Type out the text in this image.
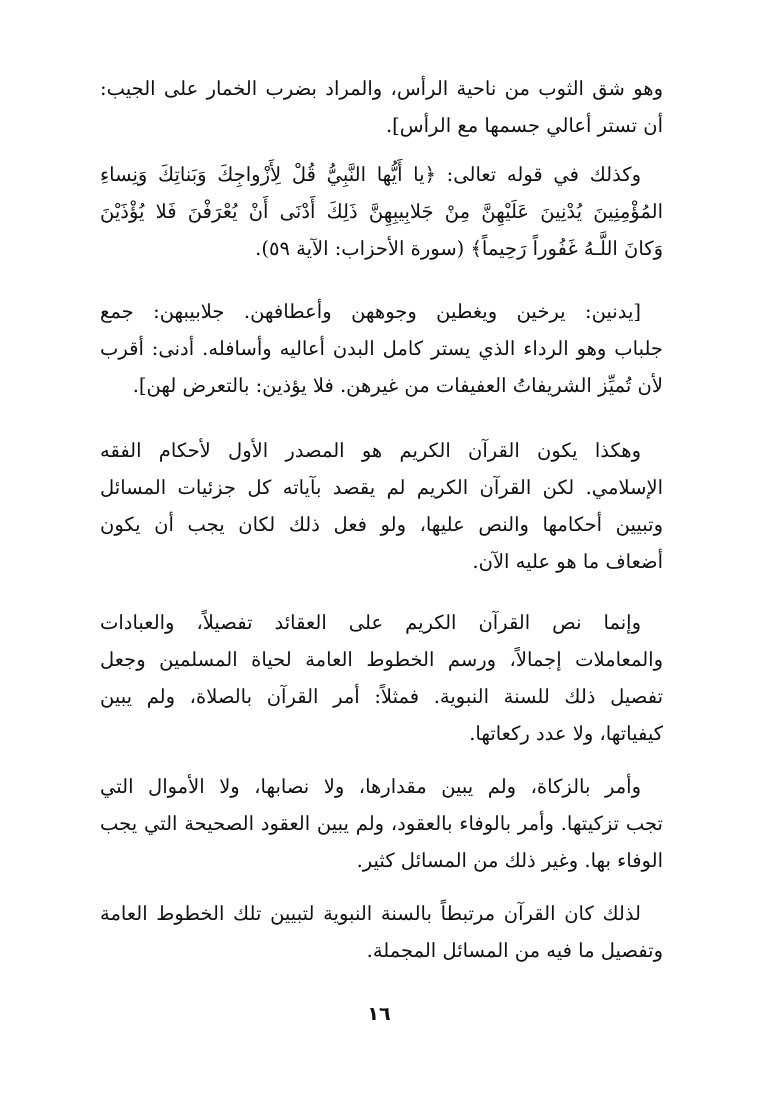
وهو شق الثوب من ناحية الرأس، والمراد بضرب الخمار على الجيب:
أن تستر أعالي جسمها مع الرأس].

وكذلك في قوله تعالى: ﴿يا أَيُّها النَّبِيُّ قُلْ لِأَزْواجِكَ وَبَناتِكَ وَنِساءِ
المُؤْمِنِينَ يُدْنِينَ عَلَيْهِنَّ مِنْ جَلابِيبِهِنَّ ذَلِكَ أَدْنَى أَنْ يُعْرَفْنَ فَلا يُؤْذَيْنَ
وَكانَ اللَّـهُ غَفُوراً رَحِيماً﴾ (سورة الأحزاب: الآية ٥٩).

[يدنين: يرخين ويغطين وجوههن وأعطافهن. جلابيبهن: جمع
جلباب وهو الرداء الذي يستر كامل البدن أعاليه وأسافله. أدنى: أقرب
لأن تُميِّز الشريفاتُ العفيفات من غيرهن. فلا يؤذين: بالتعرض لهن].

وهكذا يكون القرآن الكريم هو المصدر الأول لأحكام الفقه
الإسلامي. لكن القرآن الكريم لم يقصد بآياته كل جزئيات المسائل
وتبيين أحكامها والنص عليها، ولو فعل ذلك لكان يجب أن يكون
أضعاف ما هو عليه الآن.

وإنما نص القرآن الكريم على العقائد تفصيلاً، والعبادات
والمعاملات إجمالاً، ورسم الخطوط العامة لحياة المسلمين وجعل
تفصيل ذلك للسنة النبوية. فمثلاً: أمر القرآن بالصلاة، ولم يبين
كيفياتها، ولا عدد ركعاتها.

وأمر بالزكاة، ولم يبين مقدارها، ولا نصابها، ولا الأموال التي
تجب تزكيتها. وأمر بالوفاء بالعقود، ولم يبين العقود الصحيحة التي يجب
الوفاء بها. وغير ذلك من المسائل كثير.

لذلك كان القرآن مرتبطاً بالسنة النبوية لتبيين تلك الخطوط العامة
وتفصيل ما فيه من المسائل المجملة.

١٦
